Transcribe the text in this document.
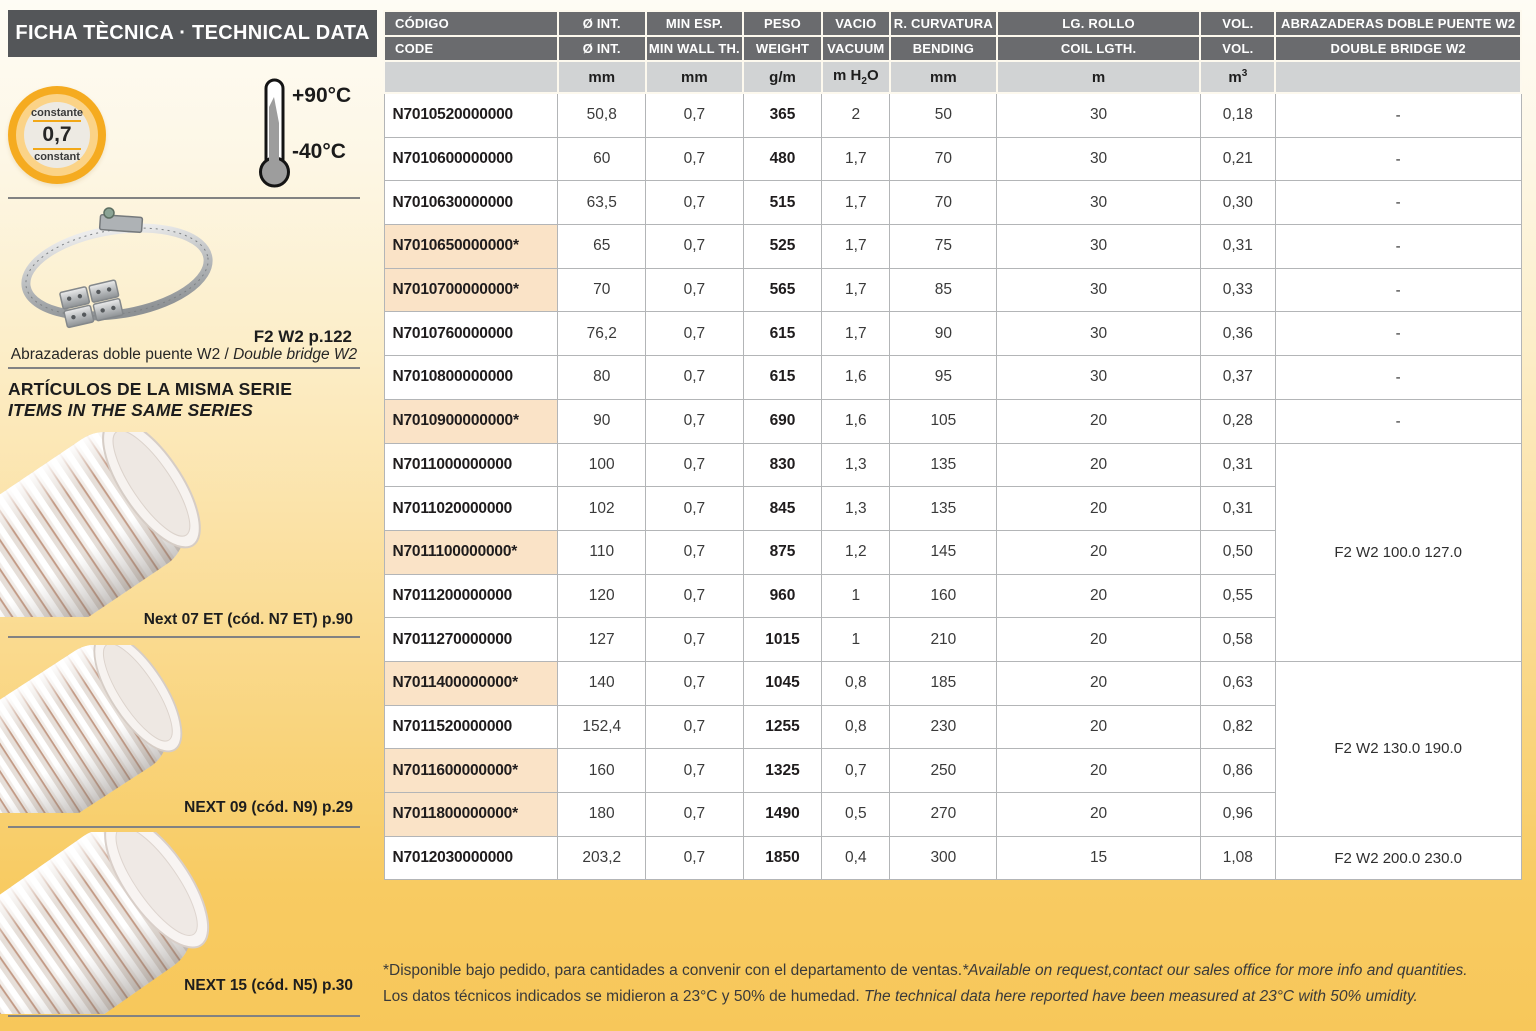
FICHA TÈCNICA · TECHNICAL DATA
constante
0,7
constant
+90°C
-40°C
F2 W2 p.122
Abrazaderas doble puente W2 / Double bridge W2
ARTÍCULOS DE LA MISMA SERIE
ITEMS IN THE SAME SERIES
Next 07 ET (cód. N7 ET) p.90
NEXT 09 (cód. N9) p.29
NEXT 15 (cód. N5) p.30
CÓDIGO	Ø INT.	MIN ESP.	PESO	VACIO	R. CURVATURA	LG. ROLLO	VOL.	ABRAZADERAS DOBLE PUENTE W2
CODE	Ø INT.	MIN WALL TH.	WEIGHT	VACUUM	BENDING	COIL LGTH.	VOL.	DOUBLE BRIDGE W2
	mm	mm	g/m	m $H_2O$	mm	m	$m^3$	
N7010520000000	50,8	0,7	365	2	50	30	0,18	-
N7010600000000	60	0,7	480	1,7	70	30	0,21	-
N7010630000000	63,5	0,7	515	1,7	70	30	0,30	-
N7010650000000*	65	0,7	525	1,7	75	30	0,31	-
N7010700000000*	70	0,7	565	1,7	85	30	0,33	-
N7010760000000	76,2	0,7	615	1,7	90	30	0,36	-
N7010800000000	80	0,7	615	1,6	95	30	0,37	-
N7010900000000*	90	0,7	690	1,6	105	20	0,28	-
N7011000000000	100	0,7	830	1,3	135	20	0,31	F2 W2 100.0 127.0
N7011020000000	102	0,7	845	1,3	135	20	0,31	
N7011100000000*	110	0,7	875	1,2	145	20	0,50	
N7011200000000	120	0,7	960	1	160	20	0,55	
N7011270000000	127	0,7	1015	1	210	20	0,58	
N7011400000000*	140	0,7	1045	0,8	185	20	0,63	F2 W2 130.0 190.0
N7011520000000	152,4	0,7	1255	0,8	230	20	0,82	
N7011600000000*	160	0,7	1325	0,7	250	20	0,86	
N7011800000000*	180	0,7	1490	0,5	270	20	0,96	
N7012030000000	203,2	0,7	1850	0,4	300	15	1,08	F2 W2 200.0 230.0
*Disponible bajo pedido, para cantidades a convenir con el departamento de ventas.*Available on request,contact our sales office for more info and quantities.
Los datos técnicos indicados se midieron a 23°C y 50% de humedad. The technical data here reported have been measured at 23°C with 50% umidity.
